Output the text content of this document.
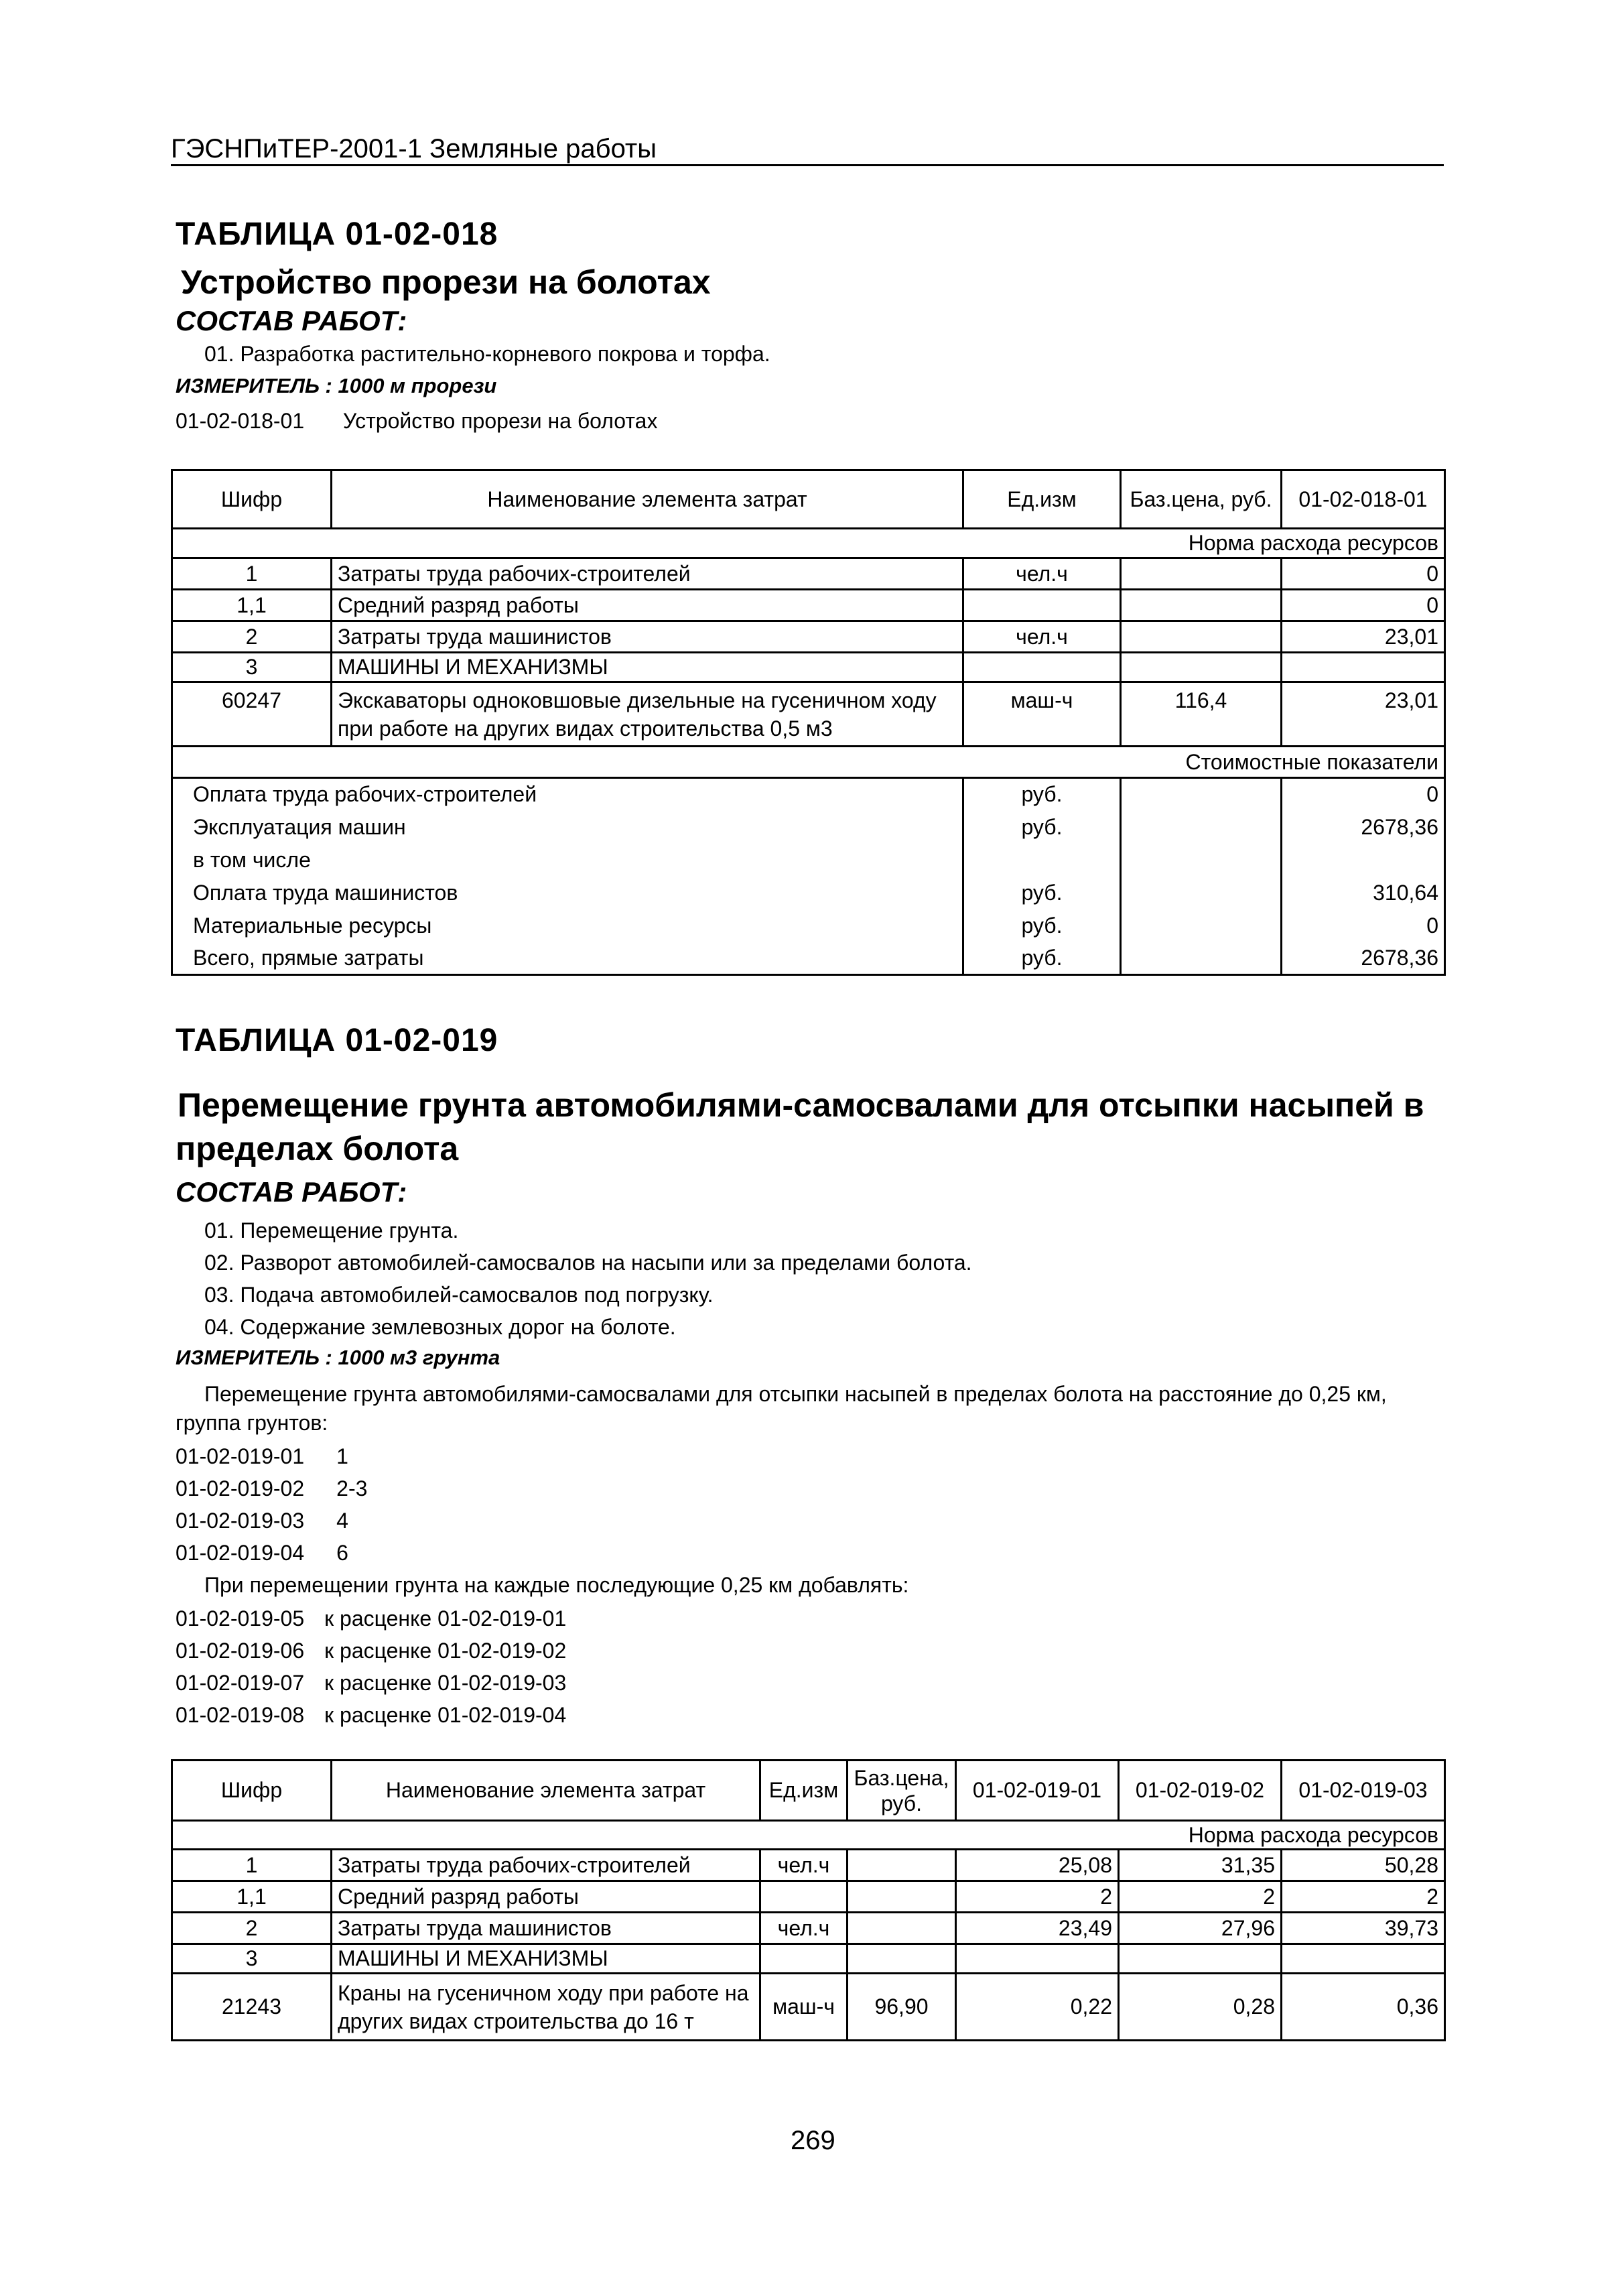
ГЭСНПиТЕР-2001-1 Земляные работы
ТАБЛИЦА 01-02-018
Устройство прорези на болотах
СОСТАВ РАБОТ:
01. Разработка растительно-корневого покрова и торфа.
ИЗМЕРИТЕЛЬ : 1000 м прорези
01-02-018-01 Устройство прорези на болотах
Шифр	Наименование элемента затрат	Ед.изм	Баз.цена, руб.	01-02-018-01
Норма расхода ресурсов				
1	Затраты труда рабочих-строителей	чел.ч		0
1,1	Средний разряд работы			0
2	Затраты труда машинистов	чел.ч		23,01
3	МАШИНЫ И МЕХАНИЗМЫ			
60247	Экскаваторы одноковшовые дизельные на гусеничном ходу при работе на других видах строительства 0,5 м3	маш-ч	116,4	23,01
Стоимостные показатели				
Оплата труда рабочих-строителей		руб.		0
Эксплуатация машин		руб.		2678,36
в том числе				
Оплата труда машинистов		руб.		310,64
Материальные ресурсы		руб.		0
Всего, прямые затраты		руб.		2678,36
ТАБЛИЦА 01-02-019
Перемещение грунта автомобилями-самосвалами для отсыпки насыпей в
пределах болота
СОСТАВ РАБОТ:
01. Перемещение грунта.
02. Разворот автомобилей-самосвалов на насыпи или за пределами болота.
03. Подача автомобилей-самосвалов под погрузку.
04. Содержание землевозных дорог на болоте.
ИЗМЕРИТЕЛЬ : 1000 м3 грунта
Перемещение грунта автомобилями-самосвалами для отсыпки насыпей в пределах болота на расстояние до 0,25 км,
группа грунтов:
01-02-019-01 1
01-02-019-02 2-3
01-02-019-03 4
01-02-019-04 6
При перемещении грунта на каждые последующие 0,25 км добавлять:
01-02-019-05 к расценке 01-02-019-01
01-02-019-06 к расценке 01-02-019-02
01-02-019-07 к расценке 01-02-019-03
01-02-019-08 к расценке 01-02-019-04
Шифр	Наименование элемента затрат	Ед.изм	Баз.цена, руб.	01-02-019-01	01-02-019-02	01-02-019-03
Норма расхода ресурсов						
1	Затраты труда рабочих-строителей	чел.ч		25,08	31,35	50,28
1,1	Средний разряд работы			2	2	2
2	Затраты труда машинистов	чел.ч		23,49	27,96	39,73
3	МАШИНЫ И МЕХАНИЗМЫ					
21243	Краны на гусеничном ходу при работе на других видах строительства до 16 т	маш-ч	96,90	0,22	0,28	0,36
269
